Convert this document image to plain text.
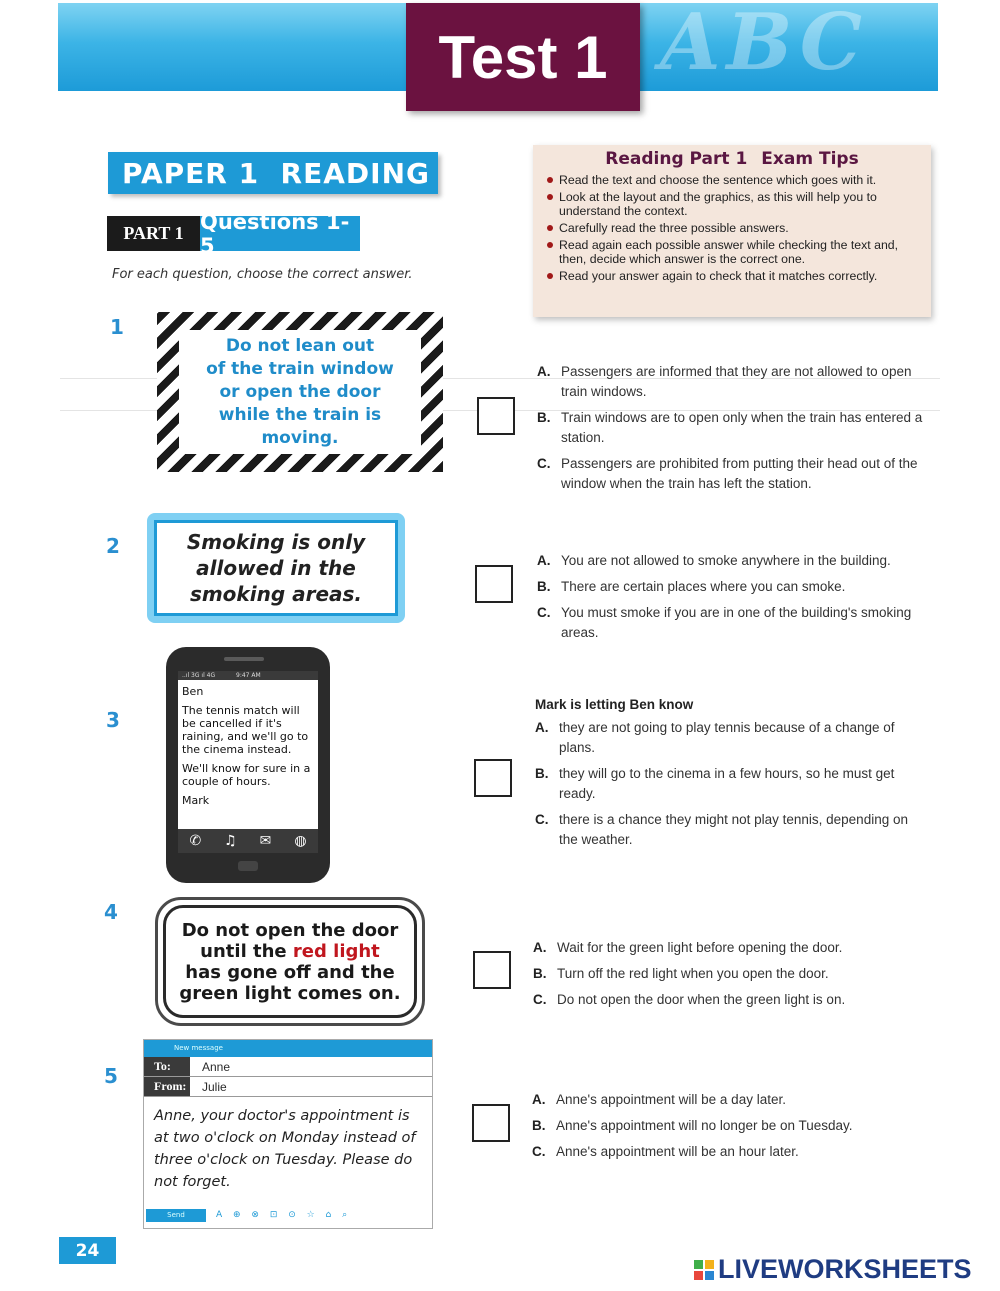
ABC
Test 1
PAPER 1  READING
PART 1 Questions 1-5
For each question, choose the correct answer.
Reading Part 1 Exam Tips
Read the text and choose the sentence which goes with it.
Look at the layout and the graphics, as this will help you to understand the context.
Carefully read the three possible answers.
Read again each possible answer while checking the text and, then, decide which answer is the correct one.
Read your answer again to check that it matches correctly.
1
Do not lean out
of the train window
or open the door
while the train is
moving.
A. Passengers are informed that they are not allowed to open train windows.
B. Train windows are to open only when the train has entered a station.
C. Passengers are prohibited from putting their head out of the window when the train has left the station.
2	Smoking is only
allowed in the
smoking areas.
A. You are not allowed to smoke anywhere in the building.
B. There are certain places where you can smoke.
C. You must smoke if you are in one of the building's smoking areas.
3
..ıl 3G ıl 4G	9:47 AM

Ben

The tennis match will be cancelled if it's raining, and we'll go to the cinema instead.

We'll know for sure in a couple of hours.

Mark

✆ ♫ ✉ ◍
Mark is letting Ben know
A. they are not going to play tennis because of a change of plans.
B. they will go to the cinema in a few hours, so he must get ready.
C. there is a chance they might not play tennis, depending on the weather.
4
Do not open the door
until the red light
has gone off and the
green light comes on.
A. Wait for the green light before opening the door.
B. Turn off the red light when you open the door.
C. Do not open the door when the green light is on.
5
New message
To:	Anne
From: Julie
Anne, your doctor's appointment is at two o'clock on Monday instead of three o'clock on Tuesday. Please do not forget.
Send	A ⊕ ⊗ ⊡ ⊙ ☆ ⌂ ⌕
A. Anne's appointment will be a day later.
B. Anne's appointment will no longer be on Tuesday.
C. Anne's appointment will be an hour later.
24
LIVEWORKSHEETS
